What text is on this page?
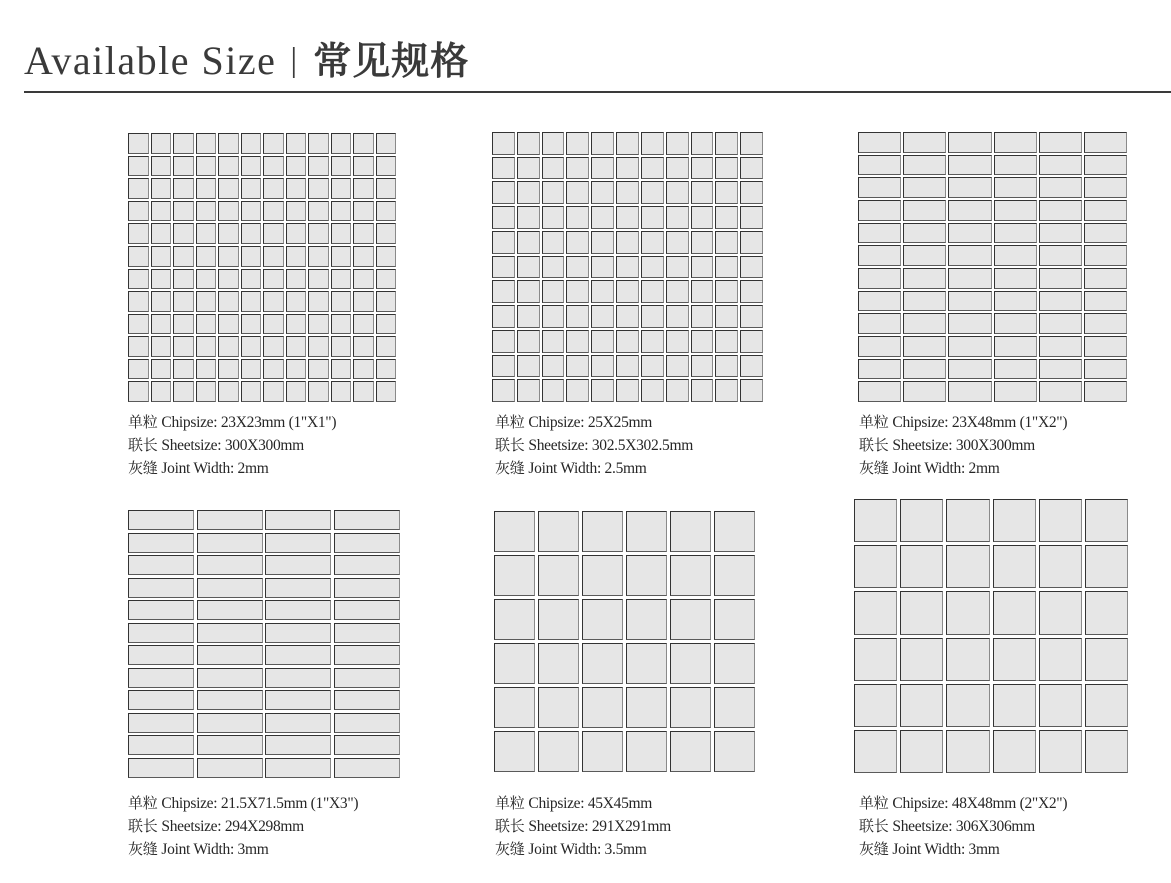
Available Size | 常见规格
单粒 Chipsize: 23X23mm (1"X1")
联长 Sheetsize: 300X300mm
灰缝 Joint Width: 2mm
单粒 Chipsize: 25X25mm
联长 Sheetsize: 302.5X302.5mm
灰缝 Joint Width: 2.5mm
单粒 Chipsize: 23X48mm (1"X2")
联长 Sheetsize: 300X300mm
灰缝 Joint Width: 2mm
单粒 Chipsize: 21.5X71.5mm (1"X3")
联长 Sheetsize: 294X298mm
灰缝 Joint Width: 3mm
单粒 Chipsize: 45X45mm
联长 Sheetsize: 291X291mm
灰缝 Joint Width: 3.5mm
单粒 Chipsize: 48X48mm (2"X2")
联长 Sheetsize: 306X306mm
灰缝 Joint Width: 3mm
